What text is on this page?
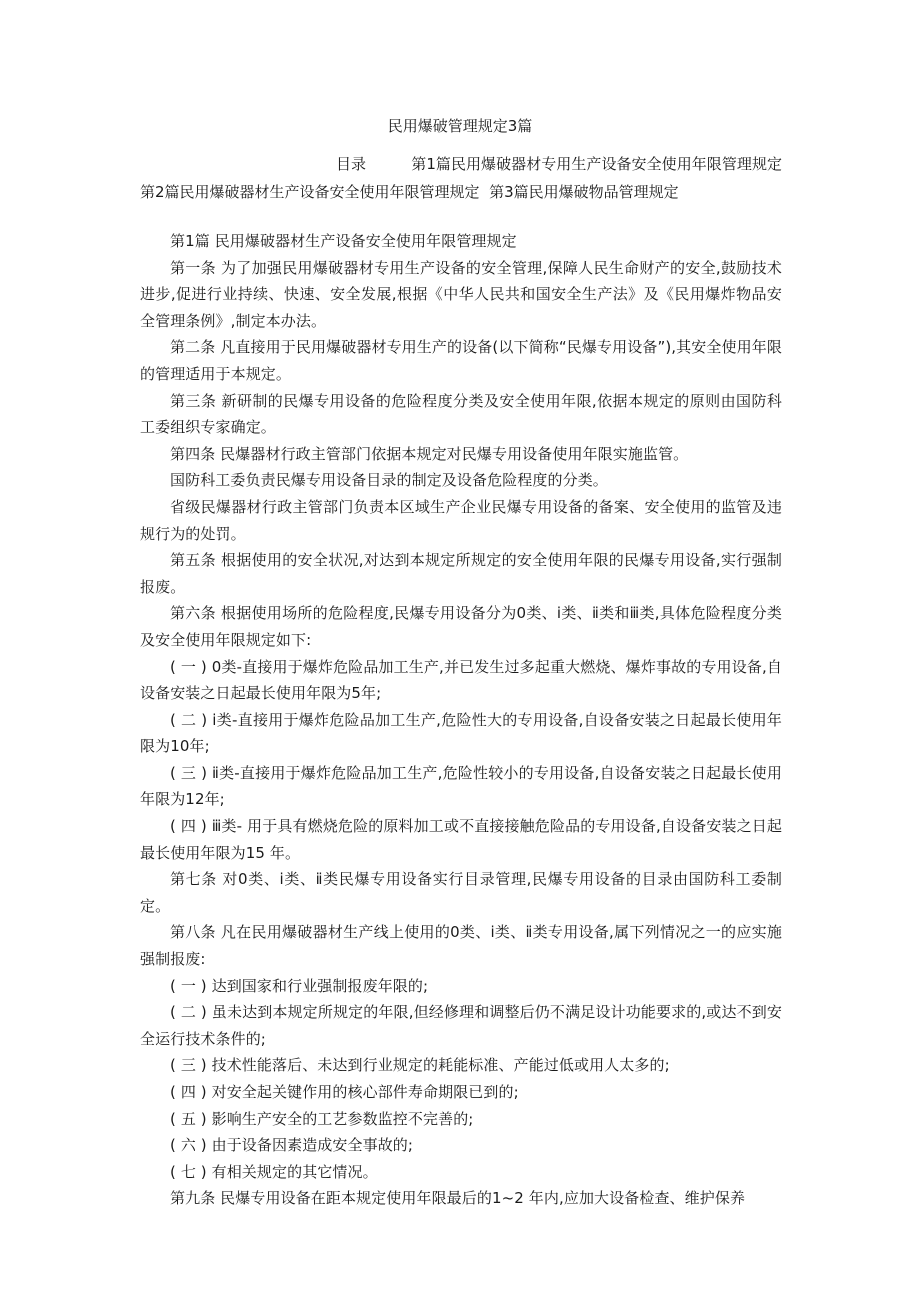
民用爆破管理规定3篇

目录　　　	第1篇民用爆破器材专用生产设备安全使用年限管理规定  第2篇民用爆破器材生产设备安全使用年限管理规定 第3篇民用爆破物品管理规定

第1篇 民用爆破器材生产设备安全使用年限管理规定

第一条 为了加强民用爆破器材专用生产设备的安全管理,保障人民生命财产的安全,鼓励技术进步,促进行业持续、快速、安全发展,根据《中华人民共和国安全生产法》及《民用爆炸物品安全管理条例》,制定本办法。

第二条 凡直接用于民用爆破器材专用生产的设备(以下简称“民爆专用设备”),其安全使用年限的管理适用于本规定。

第三条 新研制的民爆专用设备的危险程度分类及安全使用年限,依据本规定的原则由国防科工委组织专家确定。

第四条 民爆器材行政主管部门依据本规定对民爆专用设备使用年限实施监管。

国防科工委负责民爆专用设备目录的制定及设备危险程度的分类。

省级民爆器材行政主管部门负责本区域生产企业民爆专用设备的备案、安全使用的监管及违规行为的处罚。

第五条 根据使用的安全状况,对达到本规定所规定的安全使用年限的民爆专用设备,实行强制报废。

第六条 根据使用场所的危险程度,民爆专用设备分为0类、ⅰ类、ⅱ类和ⅲ类,具体危险程度分类及安全使用年限规定如下:

( 一 ) 0类-直接用于爆炸危险品加工生产,并已发生过多起重大燃烧、爆炸事故的专用设备,自设备安装之日起最长使用年限为5年;

( 二 ) ⅰ类-直接用于爆炸危险品加工生产,危险性大的专用设备,自设备安装之日起最长使用年限为10年;

( 三 ) ⅱ类-直接用于爆炸危险品加工生产,危险性较小的专用设备,自设备安装之日起最长使用年限为12年;

( 四 ) ⅲ类- 用于具有燃烧危险的原料加工或不直接接触危险品的专用设备,自设备安装之日起最长使用年限为15 年。

第七条 对0类、ⅰ类、ⅱ类民爆专用设备实行目录管理,民爆专用设备的目录由国防科工委制定。

第八条 凡在民用爆破器材生产线上使用的0类、ⅰ类、ⅱ类专用设备,属下列情况之一的应实施强制报废:

( 一 ) 达到国家和行业强制报废年限的;

( 二 ) 虽未达到本规定所规定的年限,但经修理和调整后仍不满足设计功能要求的,或达不到安全运行技术条件的;

( 三 ) 技术性能落后、未达到行业规定的耗能标准、产能过低或用人太多的;

( 四 ) 对安全起关键作用的核心部件寿命期限已到的;

( 五 ) 影响生产安全的工艺参数监控不完善的;

( 六 ) 由于设备因素造成安全事故的;

( 七 ) 有相关规定的其它情况。

第九条 民爆专用设备在距本规定使用年限最后的1~2 年内,应加大设备检查、维护保养
